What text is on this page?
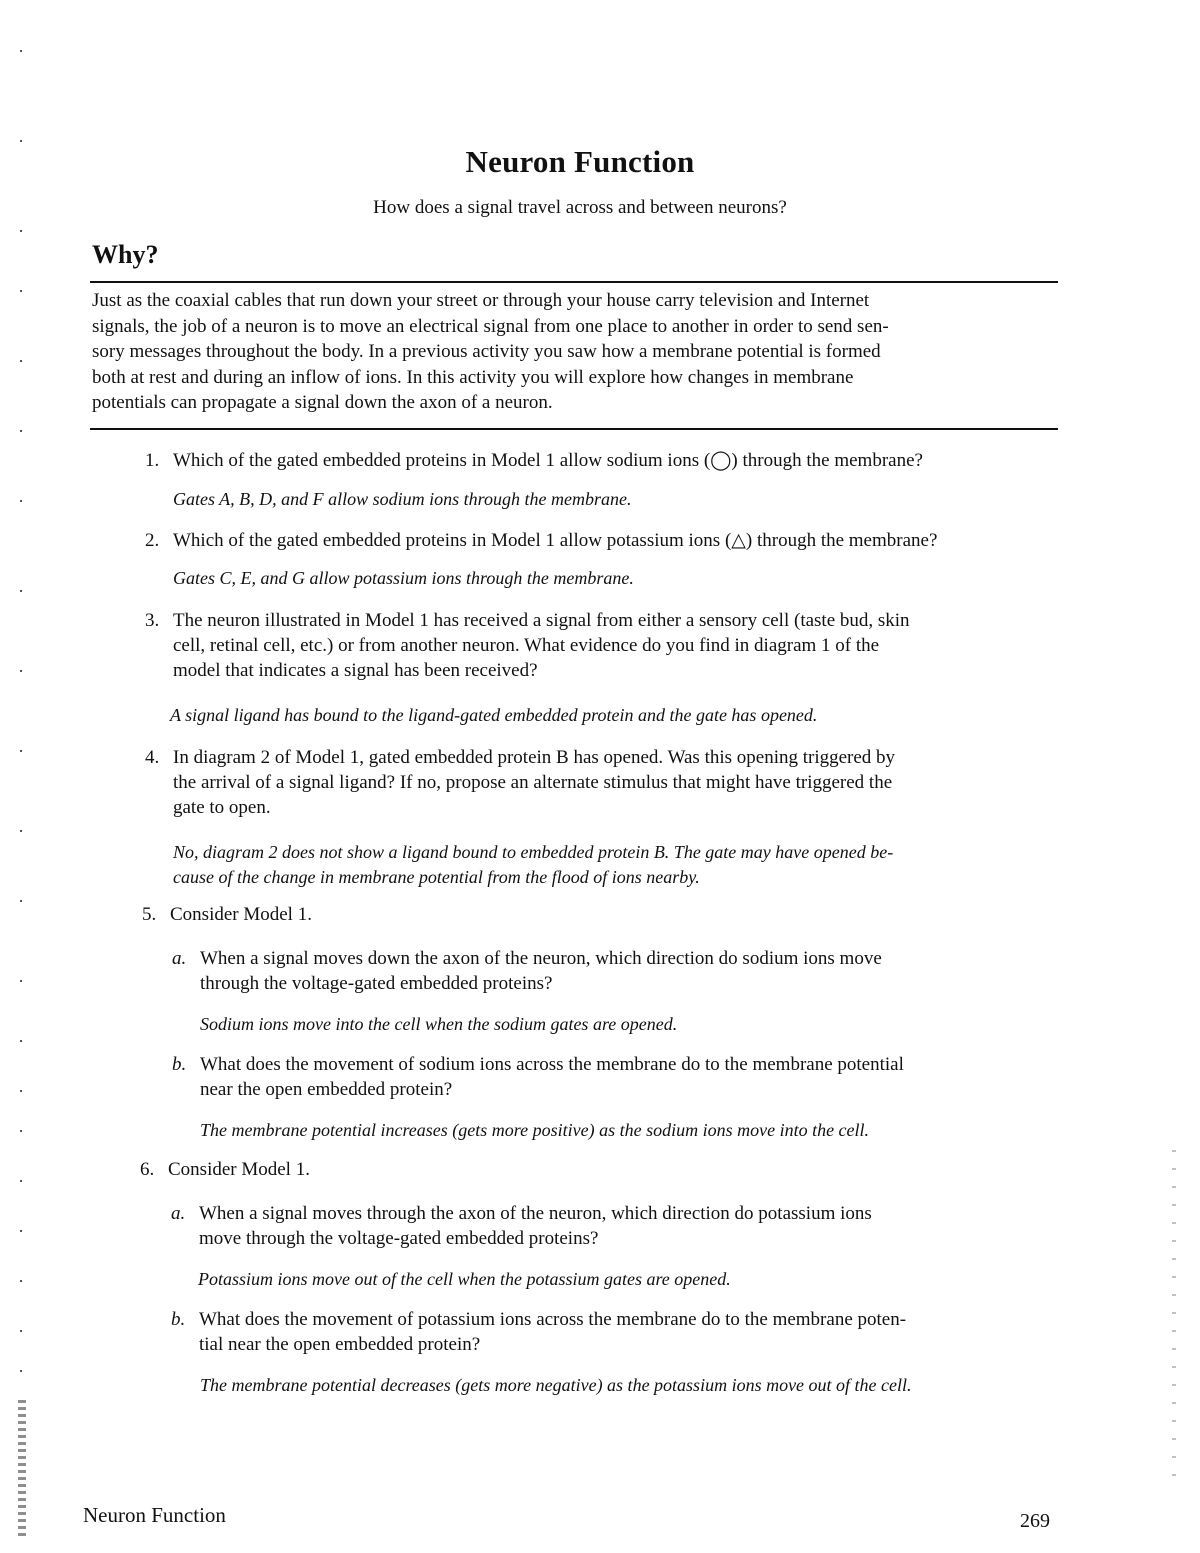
Neuron Function
How does a signal travel across and between neurons?
Why?
Just as the coaxial cables that run down your street or through your house carry television and Internet
signals, the job of a neuron is to move an electrical signal from one place to another in order to send sen-
sory messages throughout the body. In a previous activity you saw how a membrane potential is formed
both at rest and during an inflow of ions. In this activity you will explore how changes in membrane
potentials can propagate a signal down the axon of a neuron.
1. Which of the gated embedded proteins in Model 1 allow sodium ions (◯) through the membrane?
Gates A, B, D, and F allow sodium ions through the membrane.
2. Which of the gated embedded proteins in Model 1 allow potassium ions (△) through the membrane?
Gates C, E, and G allow potassium ions through the membrane.
3. The neuron illustrated in Model 1 has received a signal from either a sensory cell (taste bud, skin
cell, retinal cell, etc.) or from another neuron. What evidence do you find in diagram 1 of the
model that indicates a signal has been received?
A signal ligand has bound to the ligand-gated embedded protein and the gate has opened.
4. In diagram 2 of Model 1, gated embedded protein B has opened. Was this opening triggered by
the arrival of a signal ligand? If no, propose an alternate stimulus that might have triggered the
gate to open.
No, diagram 2 does not show a ligand bound to embedded protein B. The gate may have opened be-
cause of the change in membrane potential from the flood of ions nearby.
5. Consider Model 1.
a. When a signal moves down the axon of the neuron, which direction do sodium ions move
through the voltage-gated embedded proteins?
Sodium ions move into the cell when the sodium gates are opened.
b. What does the movement of sodium ions across the membrane do to the membrane potential
near the open embedded protein?
The membrane potential increases (gets more positive) as the sodium ions move into the cell.
6. Consider Model 1.
a. When a signal moves through the axon of the neuron, which direction do potassium ions
move through the voltage-gated embedded proteins?
Potassium ions move out of the cell when the potassium gates are opened.
b. What does the movement of potassium ions across the membrane do to the membrane poten-
tial near the open embedded protein?
The membrane potential decreases (gets more negative) as the potassium ions move out of the cell.
Neuron Function	269
